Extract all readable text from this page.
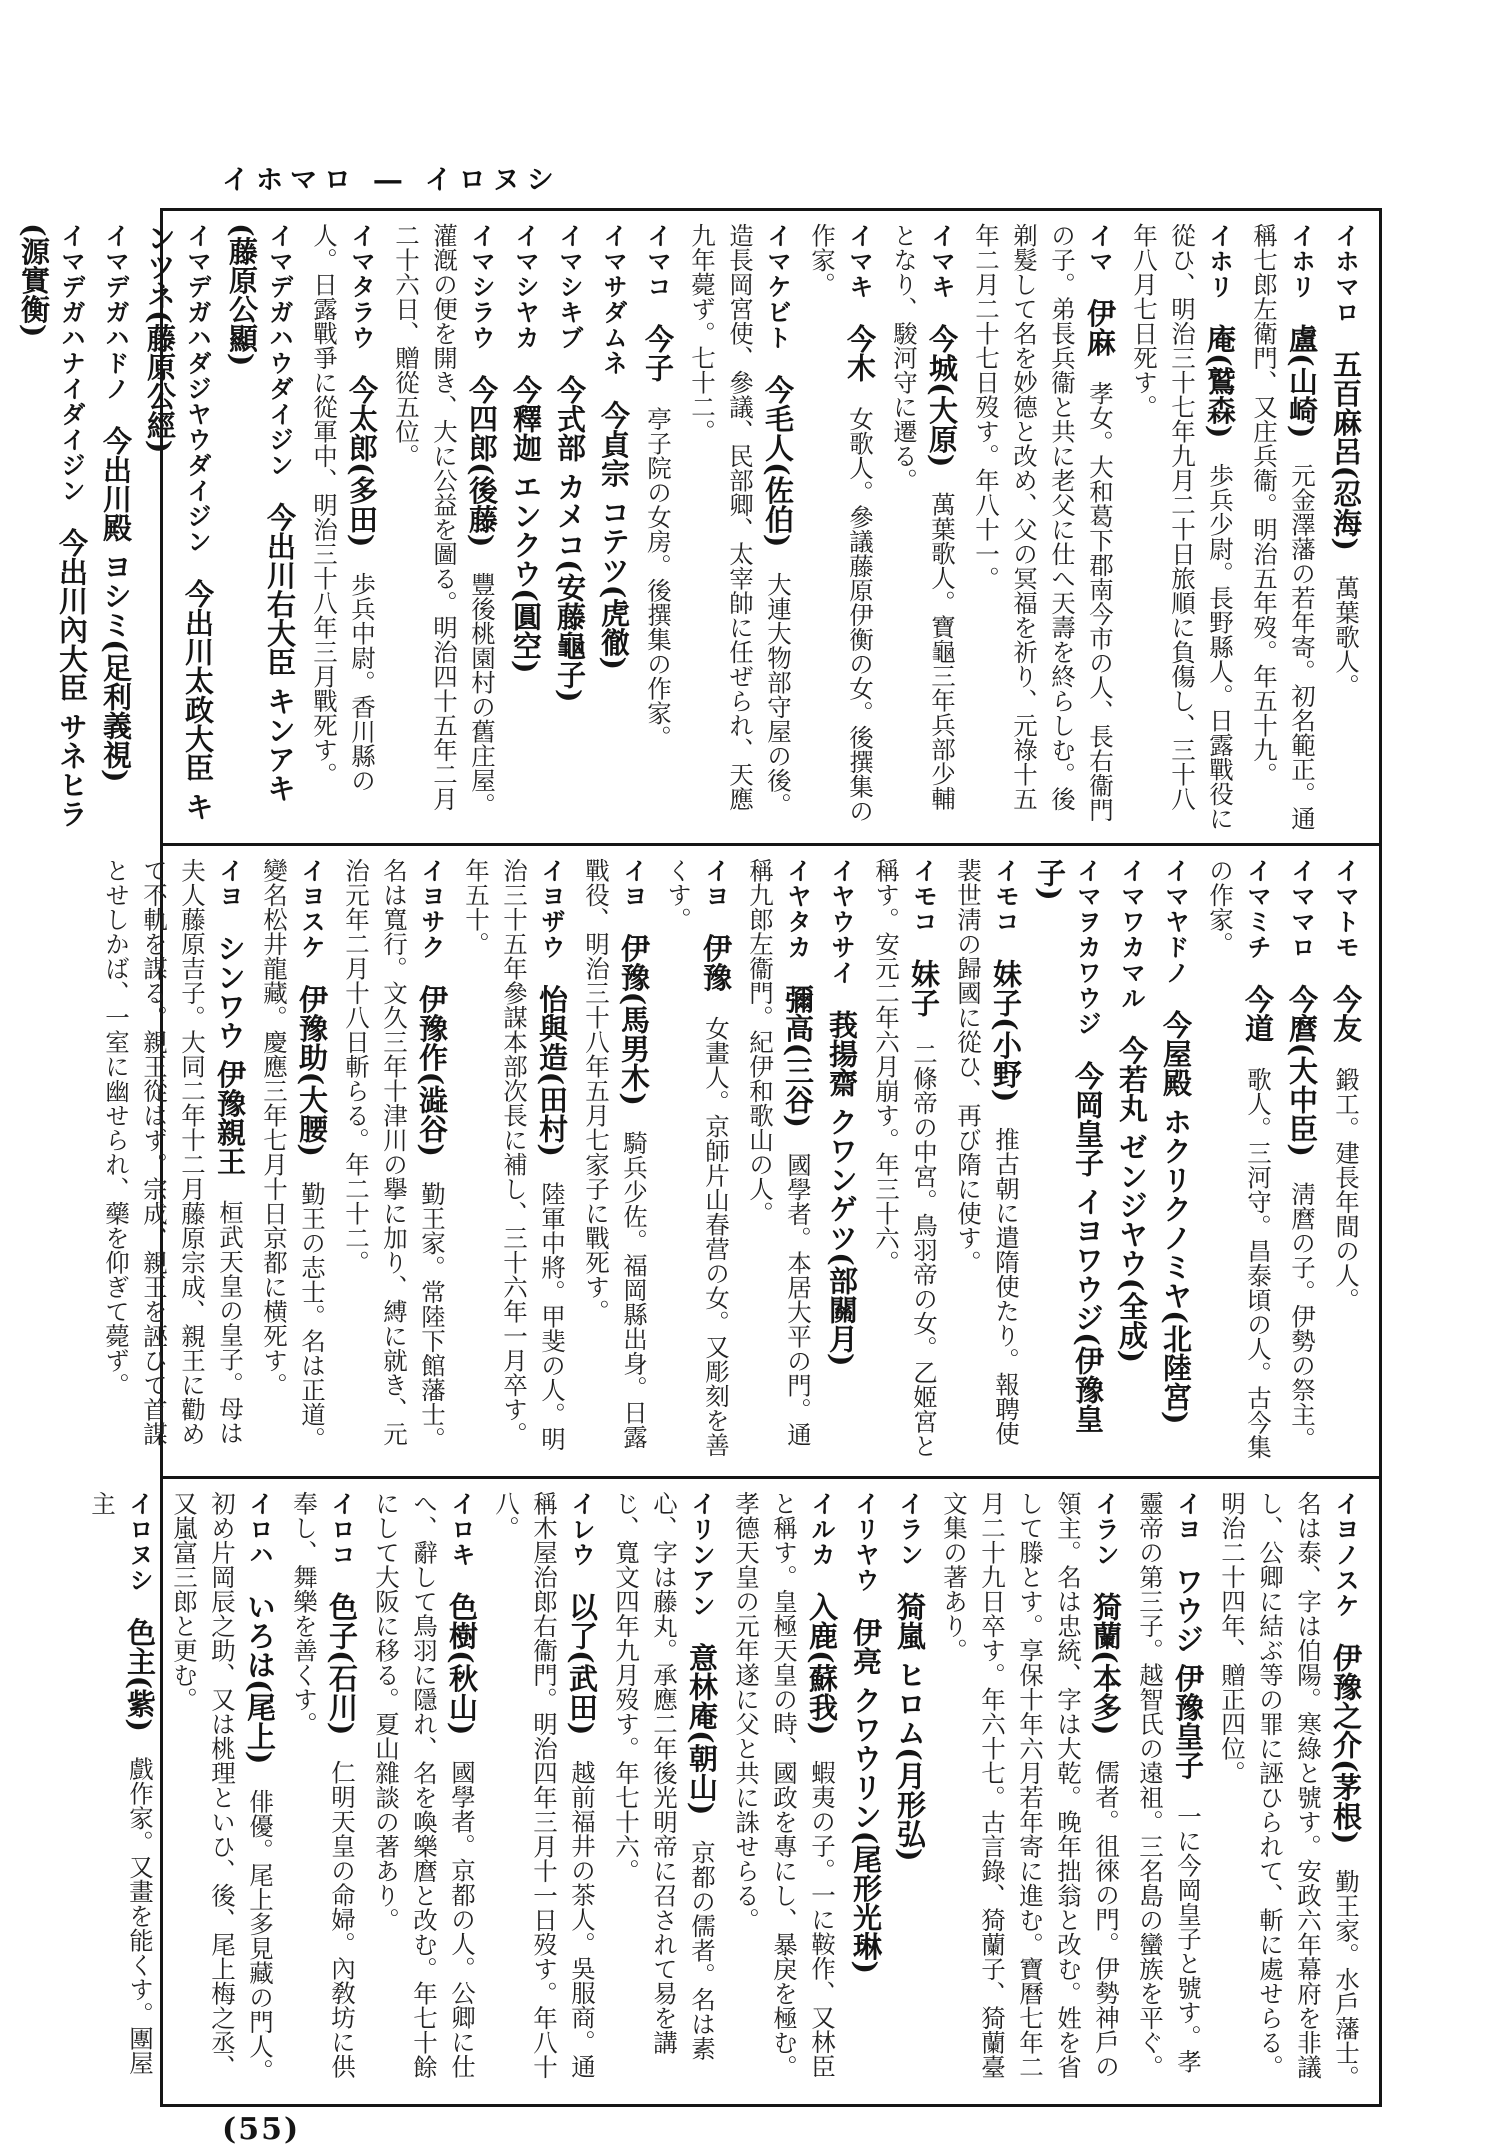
イホマロ ― イロヌシ
イホマロ　五百麻呂(忍海)　萬葉歌人。
イホリ　盧(山崎)　元金澤藩の若年寄。初名範正。通稱七郎左衛門、又庄兵衞。明治五年歿。年五十九。
イホリ　庵(鷲森)　歩兵少尉。長野縣人。日露戰役に從ひ、明治三十七年九月二十日旅順に負傷し、三十八年八月七日死す。
イマ　伊麻　孝女。大和葛下郡南今市の人、長右衞門の子。弟長兵衞と共に老父に仕へ天壽を終らしむ。後剃髮して名を妙德と改め、父の冥福を祈り、元祿十五年二月二十七日歿す。年八十一。
イマキ　今城(大原)　萬葉歌人。寶龜三年兵部少輔となり、駿河守に遷る。
イマキ　今木　女歌人。參議藤原伊衡の女。後撰集の作家。
イマケビト　今毛人(佐伯)　大連大物部守屋の後。造長岡宮使、參議、民部卿、太宰帥に任ぜられ、天應九年薨ず。七十二。
イマコ　今子　亭子院の女房。後撰集の作家。
イマサダムネ　今貞宗 コテツ(虎徹)
イマシキブ　今式部 カメコ(安藤龜子)
イマシヤカ　今釋迦 エンクウ(圓空)
イマシラウ　今四郎(後藤)　豐後桃園村の舊庄屋。灌漑の便を開き、大に公益を圖る。明治四十五年二月二十六日、贈從五位。
イマタラウ　今太郎(多田)　歩兵中尉。香川縣の人。日露戰爭に從軍中、明治三十八年三月戰死す。
イマデガハウダイジン　今出川右大臣 キンアキ(藤原公顯)
イマデガハダジヤウダイジン　今出川太政大臣 キンツネ(藤原公經)
イマデガハドノ　今出川殿 ヨシミ(足利義視)
イマデガハナイダイジン　今出川內大臣 サネヒラ(源實衡)
イマトモ　今友　鍛工。建長年間の人。
イママロ　今麿(大中臣)　淸麿の子。伊勢の祭主。
イマミチ　今道　歌人。三河守。昌泰頃の人。古今集の作家。
イマヤドノ　今屋殿 ホクリクノミヤ(北陸宮)
イマワカマル　今若丸 ゼンジヤウ(全成)
イマヲカワウジ　今岡皇子 イヨワウジ(伊豫皇子)
イモコ　妹子(小野)　推古朝に遣隋使たり。報聘使裴世淸の歸國に從ひ、再び隋に使す。
イモコ　妹子　二條帝の中宮。鳥羽帝の女。乙姬宮と稱す。安元二年六月崩す。年三十六。
イヤウサイ　莪揚齋 クワンゲツ(部關月)
イヤタカ　彌高(三谷)　國學者。本居大平の門。通稱九郎左衞門。紀伊和歌山の人。
イヨ　伊豫　女畫人。京師片山春营の女。又彫刻を善くす。
イヨ　伊豫(馬男木)　騎兵少佐。福岡縣出身。日露戰役、明治三十八年五月七家子に戰死す。
イヨザウ　怡與造(田村)　陸軍中將。甲斐の人。明治三十五年參謀本部次長に補し、三十六年一月卒す。年五十。
イヨサク　伊豫作(澁谷)　勤王家。常陸下館藩士。名は寬行。文久三年十津川の擧に加り、縛に就き、元治元年二月十八日斬らる。年二十二。
イヨスケ　伊豫助(大腰)　勤王の志士。名は正道。變名松井龍藏。慶應三年七月十日京都に横死す。
イヨ　シンワウ 伊豫親王　桓武天皇の皇子。母は夫人藤原吉子。大同二年十二月藤原宗成、親王に勸めて不軌を謀る。親王從はず。宗成、親王を誣ひて首謀とせしかば、一室に幽せられ、藥を仰ぎて薨ず。
イヨノスケ　伊豫之介(茅根)　勤王家。水戶藩士。名は泰、字は伯陽。寒綠と號す。安政六年幕府を非議し、公卿に結ぶ等の罪に誣ひられて、斬に處せらる。明治二十四年、贈正四位。
イヨ　ワウジ 伊豫皇子　一に今岡皇子と號す。孝靈帝の第三子。越智氏の遠祖。三名島の蠻族を平ぐ。
イラン　猗蘭(本多)　儒者。徂徠の門。伊勢神戶の領主。名は忠統、字は大乾。晚年拙翁と改む。姓を省して滕とす。享保十年六月若年寄に進む。寶曆七年二月二十九日卒す。年六十七。古言錄、猗蘭子、猗蘭臺文集の著あり。
イラン　猗嵐 ヒロム(月形弘)
イリヤウ　伊亮 クワウリン(尾形光琳)
イルカ　入鹿(蘇我)　蝦夷の子。一に鞍作、又林臣と稱す。皇極天皇の時、國政を專にし、暴戾を極む。孝德天皇の元年遂に父と共に誅せらる。
イリンアン　意林庵(朝山)　京都の儒者。名は素心、字は藤丸。承應二年後光明帝に召されて易を講じ、寬文四年九月歿す。年七十六。
イレウ　以了(武田)　越前福井の茶人。吳服商。通稱木屋治郎右衞門。明治四年三月十一日歿す。年八十八。
イロキ　色樹(秋山)　國學者。京都の人。公卿に仕へ、辭して鳥羽に隱れ、名を喚樂麿と改む。年七十餘にして大阪に移る。夏山雜談の著あり。
イロコ　色子(石川)　仁明天皇の命婦。內敎坊に供奉し、舞樂を善くす。
イロハ　いろは(尾上)　俳優。尾上多見藏の門人。初め片岡辰之助、又は桃理といひ、後、尾上梅之丞、又嵐富三郎と更む。
イロヌシ　色主(紫)　戲作家。又畫を能くす。團屋主
(55)
